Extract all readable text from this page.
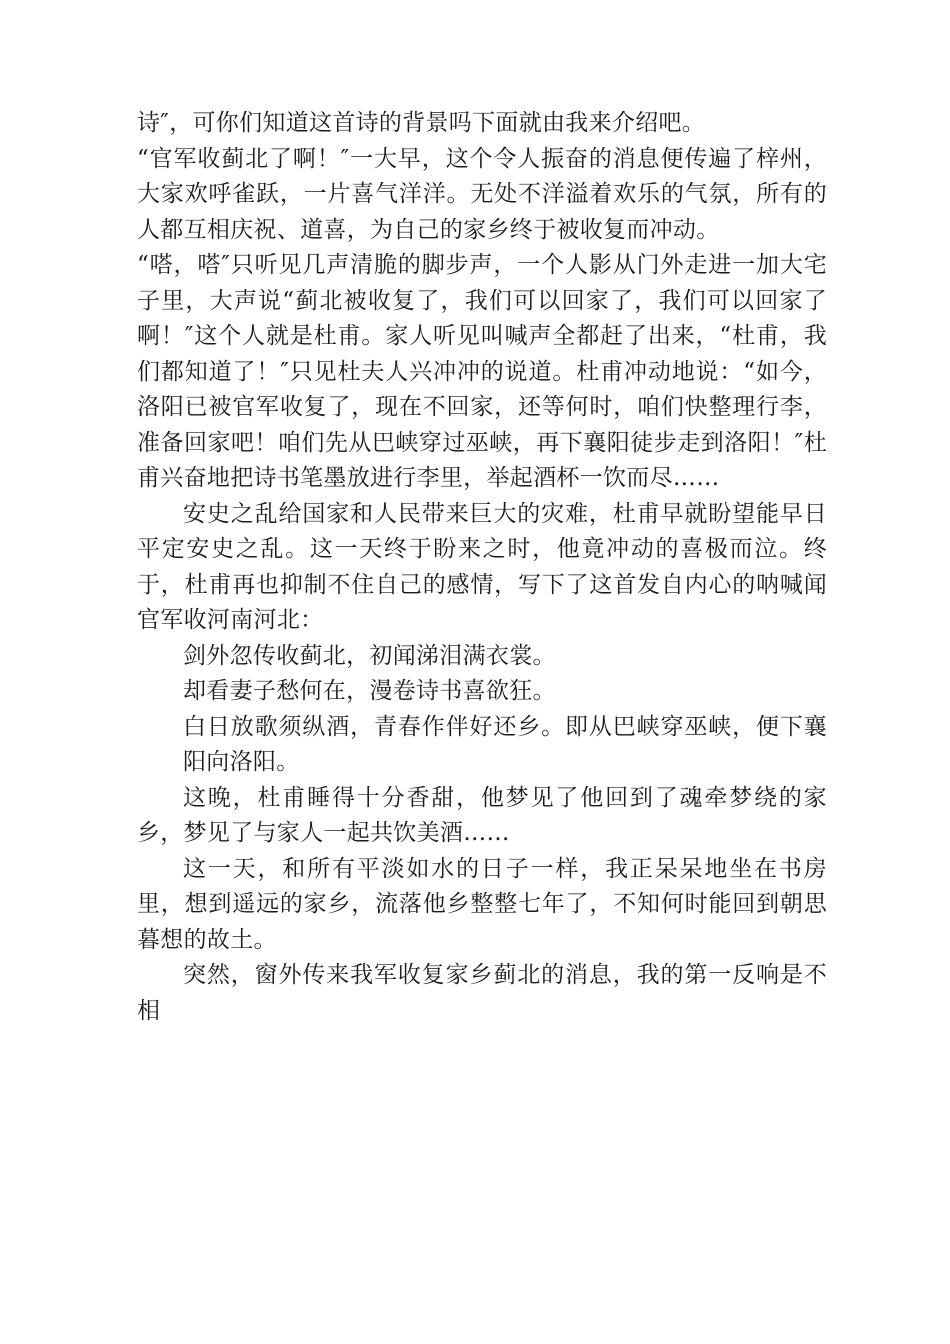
诗″，可你们知道这首诗的背景吗下面就由我来介绍吧。

“官军收蓟北了啊！″一大早，这个令人振奋的消息便传遍了梓州，大家欢呼雀跃，一片喜气洋洋。无处不洋溢着欢乐的气氛，所有的人都互相庆祝、道喜，为自己的家乡终于被收复而冲动。

“嗒，嗒″只听见几声清脆的脚步声，一个人影从门外走进一加大宅子里，大声说“蓟北被收复了，我们可以回家了，我们可以回家了啊！″这个人就是杜甫。家人听见叫喊声全都赶了出来，“杜甫，我们都知道了！″只见杜夫人兴冲冲的说道。杜甫冲动地说：“如今，洛阳已被官军收复了，现在不回家，还等何时，咱们快整理行李，准备回家吧！咱们先从巴峡穿过巫峡，再下襄阳徒步走到洛阳！″杜甫兴奋地把诗书笔墨放进行李里，举起酒杯一饮而尽……

安史之乱给国家和人民带来巨大的灾难，杜甫早就盼望能早日平定安史之乱。这一天终于盼来之时，他竟冲动的喜极而泣。终于，杜甫再也抑制不住自己的感情，写下了这首发自内心的呐喊闻官军收河南河北：

剑外忽传收蓟北，初闻涕泪满衣裳。

却看妻子愁何在，漫卷诗书喜欲狂。

白日放歌须纵酒，青春作伴好还乡。即从巴峡穿巫峡，便下襄阳向洛阳。

这晚，杜甫睡得十分香甜，他梦见了他回到了魂牵梦绕的家乡，梦见了与家人一起共饮美酒……

这一天，和所有平淡如水的日子一样，我正呆呆地坐在书房里，想到遥远的家乡，流落他乡整整七年了，不知何时能回到朝思暮想的故土。

突然，窗外传来我军收复家乡蓟北的消息，我的第一反响是不相
